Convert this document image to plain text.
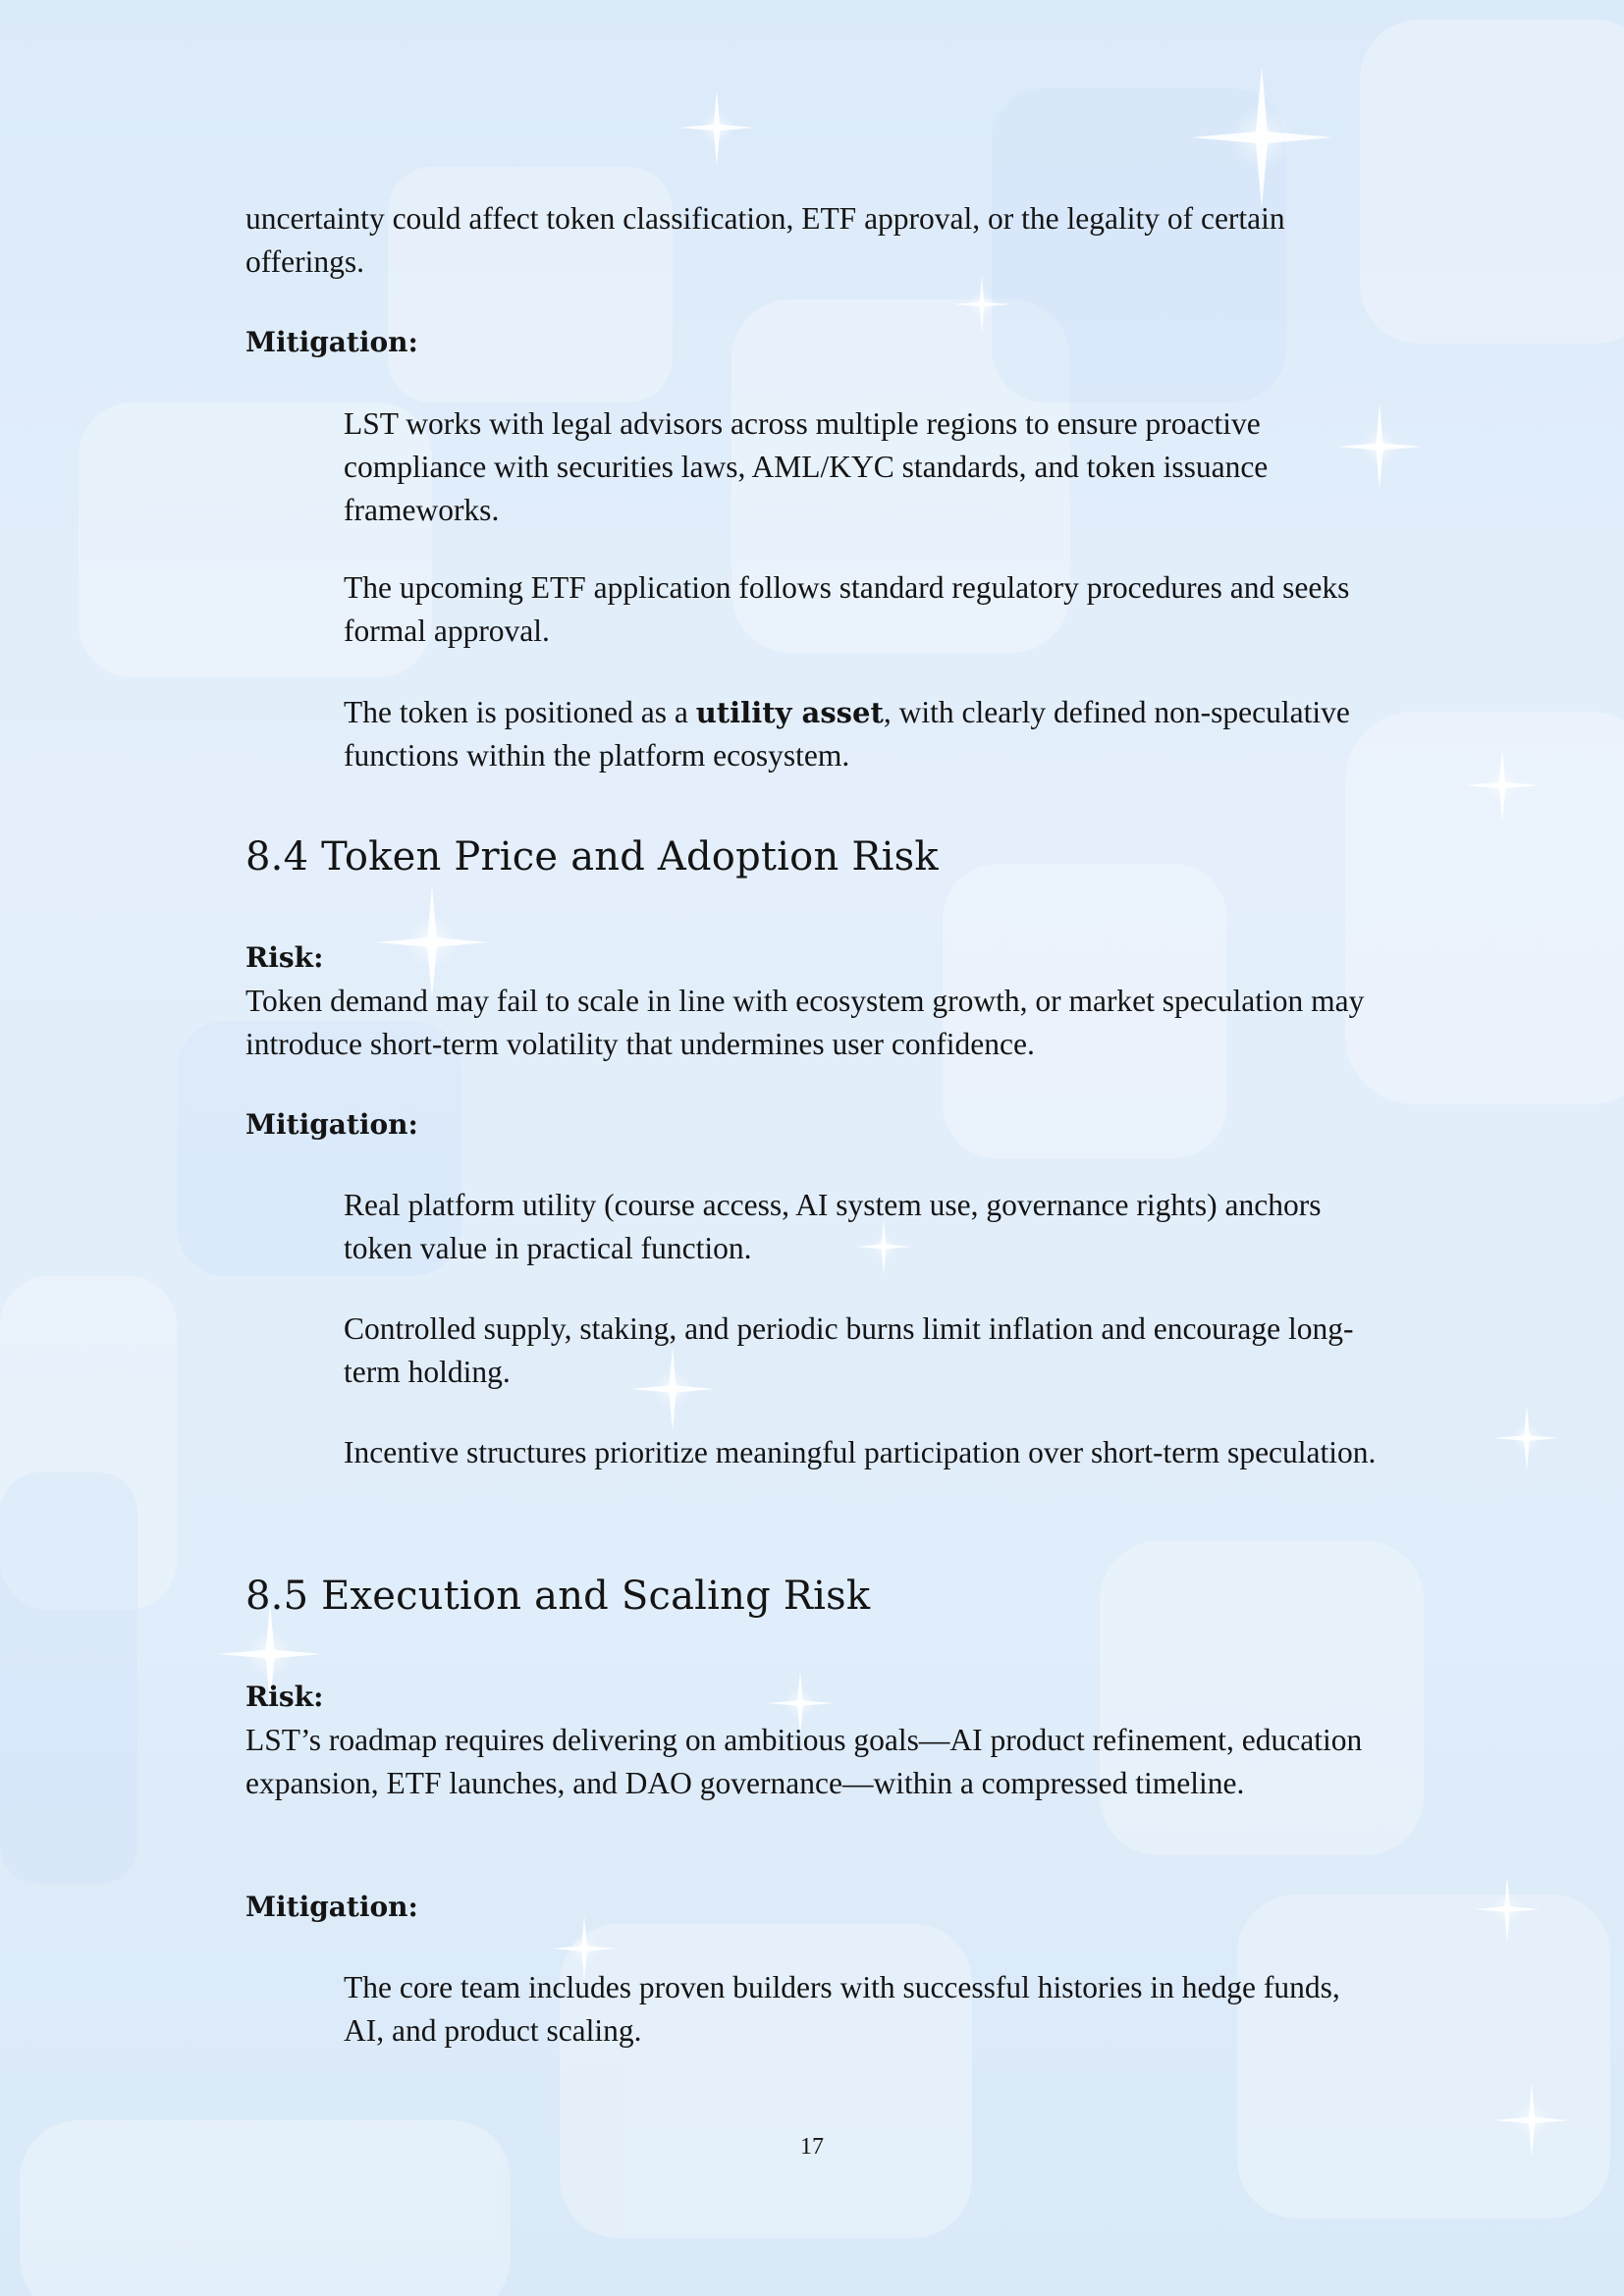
uncertainty could affect token classification, ETF approval, or the legality of certain offerings.

Mitigation:

LST works with legal advisors across multiple regions to ensure proactive compliance with securities laws, AML/KYC standards, and token issuance frameworks.

The upcoming ETF application follows standard regulatory procedures and seeks formal approval.

The token is positioned as a utility asset, with clearly defined non-speculative functions within the platform ecosystem.

8.4 Token Price and Adoption Risk

Risk:

Token demand may fail to scale in line with ecosystem growth, or market speculation may introduce short-term volatility that undermines user confidence.

Mitigation:

Real platform utility (course access, AI system use, governance rights) anchors token value in practical function.

Controlled supply, staking, and periodic burns limit inflation and encourage long-term holding.

Incentive structures prioritize meaningful participation over short-term speculation.

8.5 Execution and Scaling Risk

Risk:

LST’s roadmap requires delivering on ambitious goals—AI product refinement, education expansion, ETF launches, and DAO governance—within a compressed timeline.

Mitigation:

The core team includes proven builders with successful histories in hedge funds, AI, and product scaling.

17
